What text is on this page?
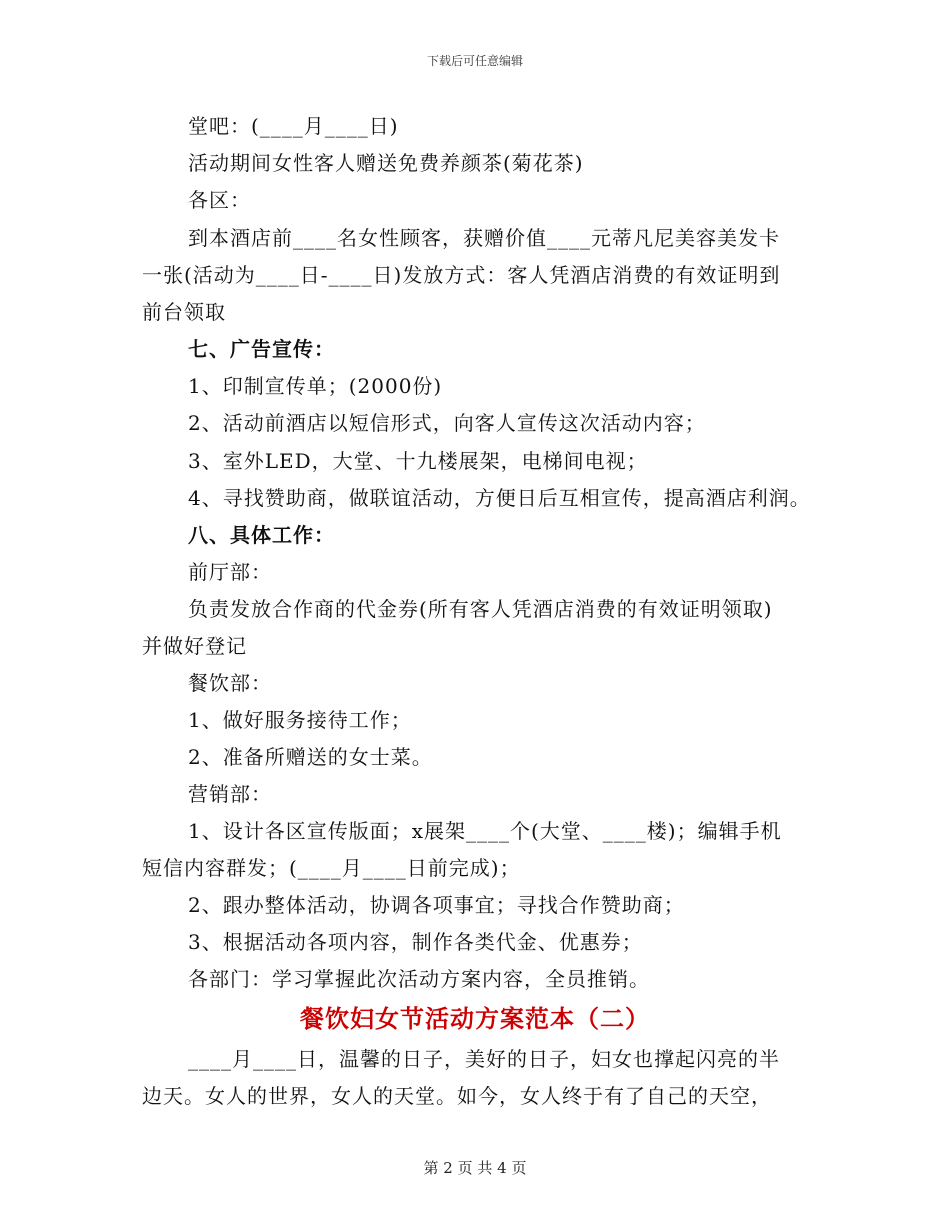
下载后可任意编辑
堂吧：(____月____日)
活动期间女性客人赠送免费养颜茶(菊花茶)
各区：
到本酒店前____名女性顾客，获赠价值____元蒂凡尼美容美发卡
一张(活动为____日-____日)发放方式：客人凭酒店消费的有效证明到
前台领取
七、广告宣传：
1、印制宣传单；(2000份)
2、活动前酒店以短信形式，向客人宣传这次活动内容；
3、室外LED，大堂、十九楼展架，电梯间电视；
4、寻找赞助商，做联谊活动，方便日后互相宣传，提高酒店利润。
八、具体工作：
前厅部：
负责发放合作商的代金券(所有客人凭酒店消费的有效证明领取)
并做好登记
餐饮部：
1、做好服务接待工作；
2、准备所赠送的女士菜。
营销部：
1、设计各区宣传版面；x展架____个(大堂、____楼)；编辑手机
短信内容群发；(____月____日前完成)；
2、跟办整体活动，协调各项事宜；寻找合作赞助商；
3、根据活动各项内容，制作各类代金、优惠券；
各部门：学习掌握此次活动方案内容，全员推销。
餐饮妇女节活动方案范本（二）
____月____日，温馨的日子，美好的日子，妇女也撑起闪亮的半
边天。女人的世界，女人的天堂。如今，女人终于有了自己的天空，
第 2 页 共 4 页
